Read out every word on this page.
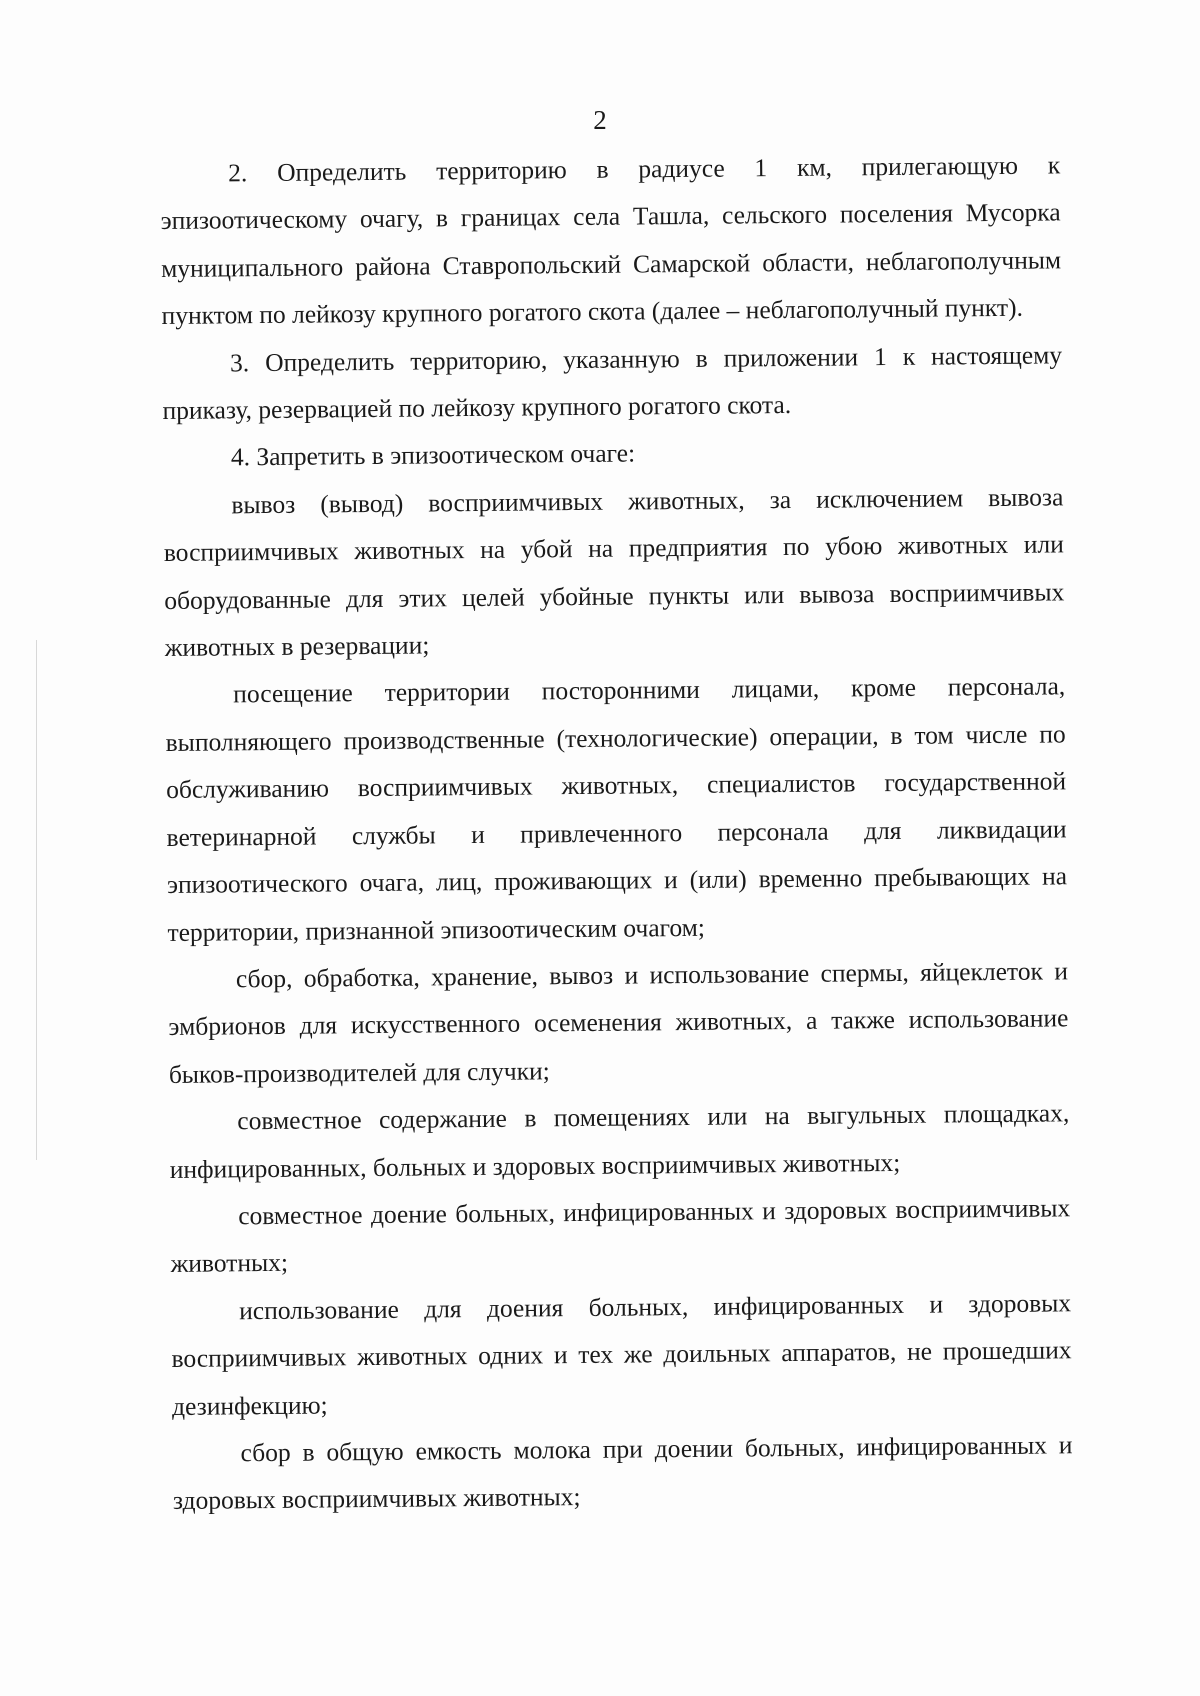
2

2. Определить территорию в радиусе 1 км, прилегающую к эпизоотическому очагу, в границах села Ташла, сельского поселения Мусорка муниципального района Ставропольский Самарской области, неблагополучным пунктом по лейкозу крупного рогатого скота (далее – неблагополучный пункт).

3. Определить территорию, указанную в приложении 1 к настоящему приказу, резервацией по лейкозу крупного рогатого скота.

4. Запретить в эпизоотическом очаге:

вывоз (вывод) восприимчивых животных, за исключением вывоза восприимчивых животных на убой на предприятия по убою животных или оборудованные для этих целей убойные пункты или вывоза восприимчивых животных в резервации;

посещение территории посторонними лицами, кроме персонала, выполняющего производственные (технологические) операции, в том числе по обслуживанию восприимчивых животных, специалистов государственной ветеринарной службы и привлеченного персонала для ликвидации эпизоотического очага, лиц, проживающих и (или) временно пребывающих на территории, признанной эпизоотическим очагом;

сбор, обработка, хранение, вывоз и использование спермы, яйцеклеток и эмбрионов для искусственного осеменения животных, а также использование быков-производителей для случки;

совместное содержание в помещениях или на выгульных площадках, инфицированных, больных и здоровых восприимчивых животных;

совместное доение больных, инфицированных и здоровых восприимчивых животных;

использование для доения больных, инфицированных и здоровых восприимчивых животных одних и тех же доильных аппаратов, не прошедших дезинфекцию;

сбор в общую емкость молока при доении больных, инфицированных и здоровых восприимчивых животных;
